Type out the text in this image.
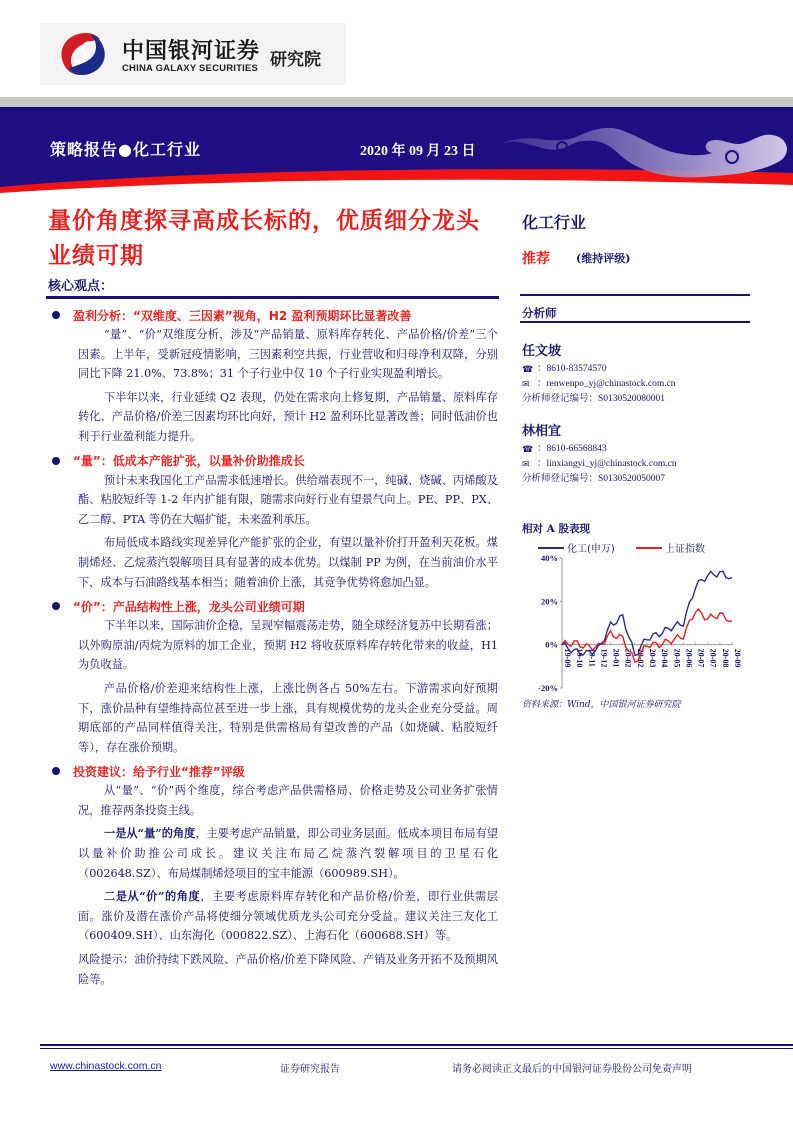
中国银河证券
CHINA GALAXY SECURITIES 研究院
策略报告●化工行业	2020 年 09 月 23 日
量价角度探寻高成长标的，优质细分龙头业绩可期
核心观点：
盈利分析：“双维度、三因素”视角，H2 盈利预期环比显著改善

“量”、“价”双维度分析，涉及“产品销量、原料库存转化、产品价格/价差”三个因素。上半年，受新冠疫情影响，三因素利空共振，行业营收和归母净利双降，分别同比下降 21.0%、73.8%；31 个子行业中仅 10 个子行业实现盈利增长。

下半年以来，行业延续 Q2 表现，仍处在需求向上修复期，产品销量、原料库存转化、产品价格/价差三因素均环比向好，预计 H2 盈利环比显著改善；同时低油价也利于行业盈利能力提升。

“量”：低成本产能扩张，以量补价助推成长

预计未来我国化工产品需求低速增长。供给端表现不一，纯碱、烧碱、丙烯酸及酯、粘胶短纤等 1-2 年内扩能有限，随需求向好行业有望景气向上。PE、PP、PX、乙二醇、PTA 等仍在大幅扩能，未来盈利承压。

布局低成本路线实现差异化产能扩张的企业，有望以量补价打开盈利天花板。煤制烯烃、乙烷蒸汽裂解项目具有显著的成本优势。以煤制 PP 为例，在当前油价水平下，成本与石油路线基本相当；随着油价上涨，其竞争优势将愈加凸显。

“价”：产品结构性上涨，龙头公司业绩可期

下半年以来，国际油价企稳，呈现窄幅震荡走势，随全球经济复苏中长期看涨；以外购原油/丙烷为原料的加工企业，预期 H2 将收获原料库存转化带来的收益，H1 为负收益。

产品价格/价差迎来结构性上涨，上涨比例各占 50%左右。下游需求向好预期下，涨价品种有望维持高位甚至进一步上涨，具有规模优势的龙头企业充分受益。周期底部的产品同样值得关注，特别是供需格局有望改善的产品（如烧碱、粘胶短纤等），存在涨价预期。

投资建议：给予行业“推荐”评级

从“量”、“价”两个维度，综合考虑产品供需格局、价格走势及公司业务扩张情况，推荐两条投资主线。

一是从“量”的角度，主要考虑产品销量，即公司业务层面。低成本项目布局有望以量补价助推公司成长。建议关注布局乙烷蒸汽裂解项目的卫星石化（002648.SZ）、布局煤制烯烃项目的宝丰能源（600989.SH）。

二是从“价”的角度，主要考虑原料库存转化和产品价格/价差，即行业供需层面。涨价及潜在涨价产品将使细分领域优质龙头公司充分受益。建议关注三友化工（600409.SH）、山东海化（000822.SZ）、上海石化（600688.SH）等。

风险提示：油价持续下跌风险、产品价格/价差下降风险、产销及业务开拓不及预期风险等。

化工行业
推荐 (维持评级)
分析师
任文坡
☎ ： 8610-83574570
✉ ： renwenpo_yj@chinastock.com.cn
分析师登记编号：S0130520080001
林相宜
☎ ： 8610-66568843
✉ ： linxiangyi_yj@chinastock.com.cn
分析师登记编号：S0130520050007
相对 A 股表现
化工(申万)	上证指数
40%
20%
0%
-20%
19-09 19-10 19-11 19-12 20-01 20-02 20-02 20-03 20-04 20-05 20-06 20-07 20-07 20-08 20-09
资料来源：Wind，中国银河证券研究院
www.chinastock.com.cn	证券研究报告	请务必阅读正文最后的中国银河证券股份公司免责声明
